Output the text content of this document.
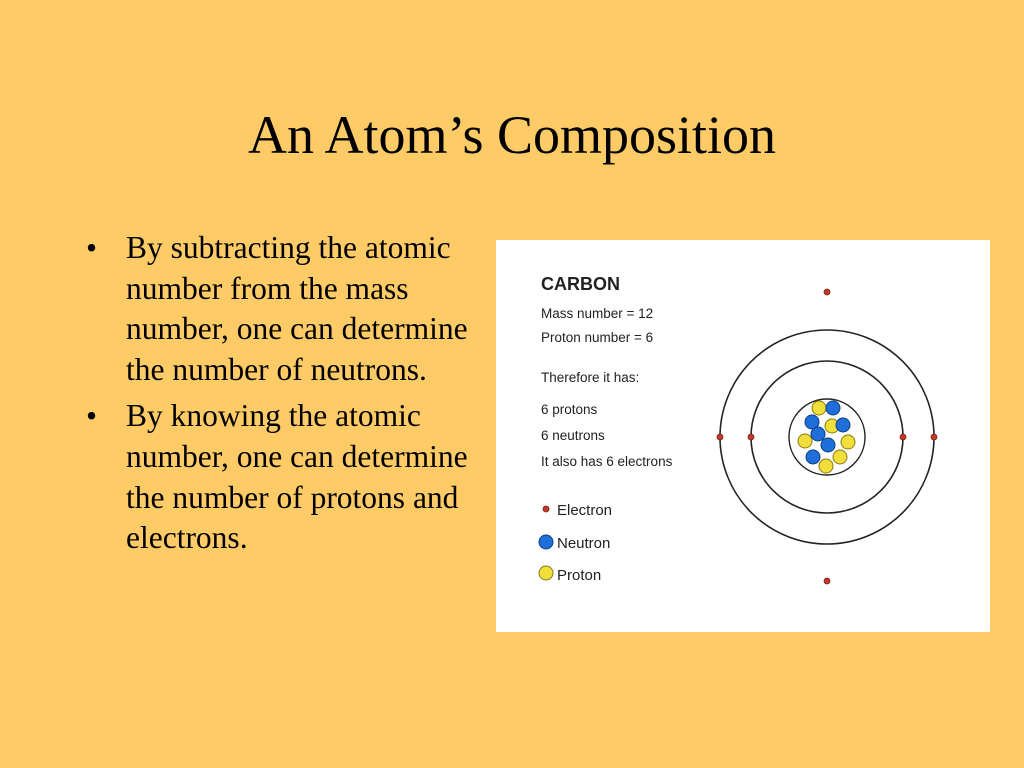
An Atom’s Composition
• By subtracting the atomic number from the mass number, one can determine the number of neutrons.
• By knowing the atomic number, one can determine the number of protons and electrons.
CARBON
Mass number = 12
Proton number = 6
Therefore it has:
6 protons
6 neutrons
It also has 6 electrons
Electron
Neutron
Proton
